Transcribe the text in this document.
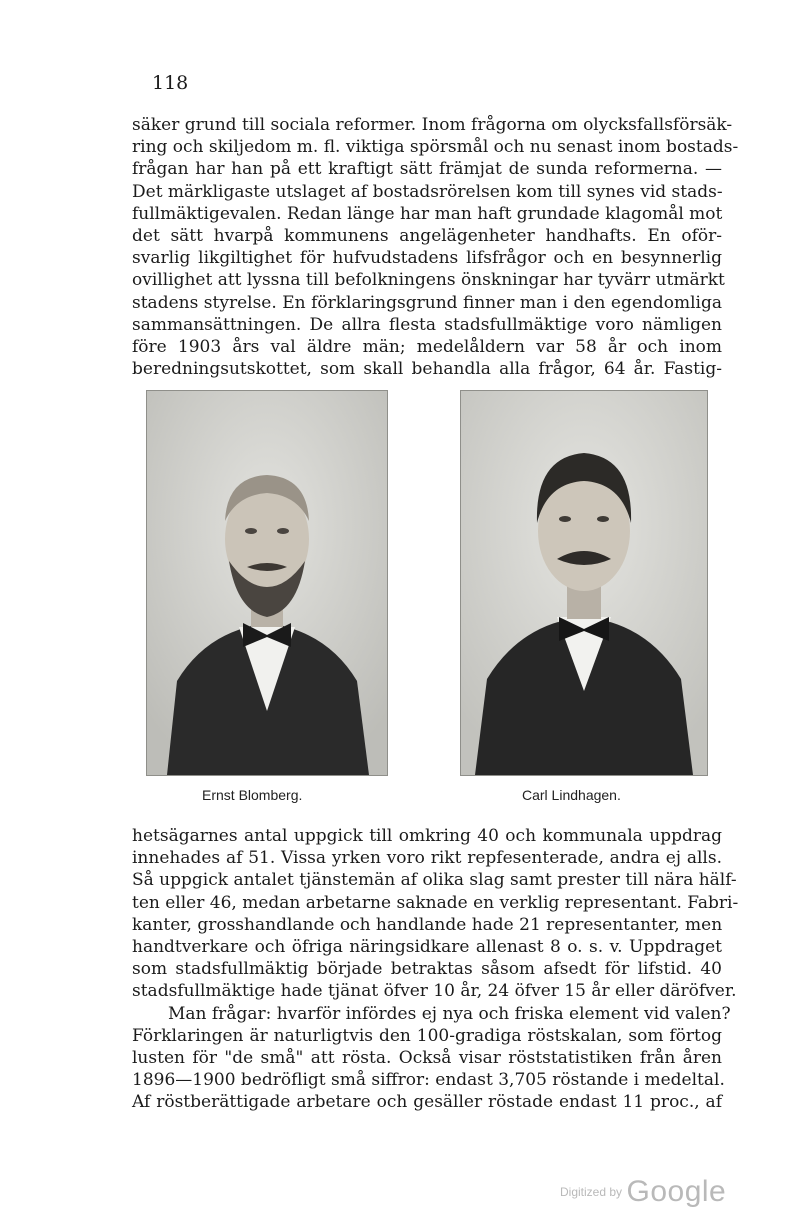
118
säker grund till sociala reformer. Inom frågorna om olycksfallsförsäk-
ring och skiljedom m. fl. viktiga spörsmål och nu senast inom bostads-
frågan har han på ett kraftigt sätt främjat de sunda reformerna. —
Det märkligaste utslaget af bostadsrörelsen kom till synes vid stads-
fullmäktigevalen. Redan länge har man haft grundade klagomål mot
det sätt hvarpå kommunens angelägenheter handhafts. En oför-
svarlig likgiltighet för hufvudstadens lifsfrågor och en besynnerlig
ovillighet att lyssna till befolkningens önskningar har tyvärr utmärkt
stadens styrelse. En förklaringsgrund finner man i den egendomliga
sammansättningen. De allra flesta stadsfullmäktige voro nämligen
före 1903 års val äldre män; medelåldern var 58 år och inom
beredningsutskottet, som skall behandla alla frågor, 64 år. Fastig-
Ernst Blomberg.	Carl Lindhagen.
hetsägarnes antal uppgick till omkring 40 och kommunala uppdrag
innehades af 51. Vissa yrken voro rikt repfesenterade, andra ej alls.
Så uppgick antalet tjänstemän af olika slag samt prester till nära hälf-
ten eller 46, medan arbetarne saknade en verklig representant. Fabri-
kanter, grosshandlande och handlande hade 21 representanter, men
handtverkare och öfriga näringsidkare allenast 8 o. s. v. Uppdraget
som stadsfullmäktig började betraktas såsom afsedt för lifstid. 40
stadsfullmäktige hade tjänat öfver 10 år, 24 öfver 15 år eller däröfver.
Man frågar: hvarför infördes ej nya och friska element vid valen?
Förklaringen är naturligtvis den 100-gradiga röstskalan, som förtog
lusten för "de små" att rösta. Också visar röststatistiken från åren
1896—1900 bedröfligt små siffror: endast 3,705 röstande i medeltal.
Af röstberättigade arbetare och gesäller röstade endast 11 proc., af
Digitized by Google
